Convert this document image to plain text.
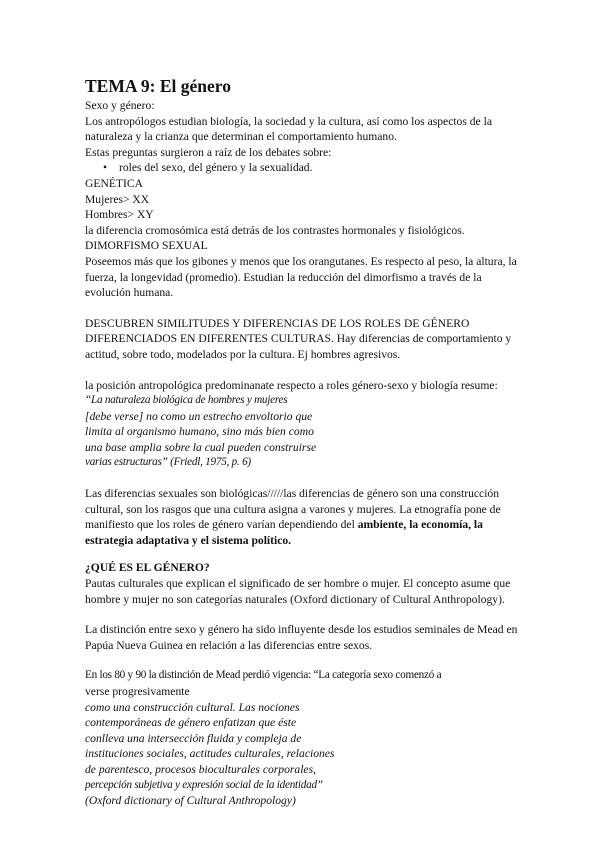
TEMA 9: El género

Sexo y género:

Los antropólogos estudian biología, la sociedad y la cultura, así como los aspectos de la naturaleza y la crianza que determinan el comportamiento humano.

Estas preguntas surgieron a raíz de los debates sobre:

• roles del sexo, del género y la sexualidad.

GENÉTICA

Mujeres> XX

Hombres> XY

la diferencia cromosómica está detrás de los contrastes hormonales y fisiológicos.

DIMORFISMO SEXUAL

Poseemos más que los gibones y menos que los orangutanes. Es respecto al peso, la altura, la fuerza, la longevidad (promedio). Estudian la reducción del dimorfismo a través de la evolución humana.

DESCUBREN SIMILITUDES Y DIFERENCIAS DE LOS ROLES DE GÉNERO DIFERENCIADOS EN DIFERENTES CULTURAS. Hay diferencias de comportamiento y actitud, sobre todo, modelados por la cultura. Ej hombres agresivos.

la posición antropológica predominanate respecto a roles género-sexo y biología resume:

“La naturaleza biológica de hombres y mujeres

[debe verse] no como un estrecho envoltorio que

limita al organismo humano, sino más bien como

una base amplia sobre la cual pueden construirse

varias estructuras” (Friedl, 1975, p. 6)

Las diferencias sexuales son biológicas/////las diferencias de género son una construcción cultural, son los rasgos que una cultura asigna a varones y mujeres. La etnografía pone de manifiesto que los roles de género varían dependiendo del ambiente, la economía, la estrategia adaptativa y el sistema político.

¿QUÉ ES EL GÉNERO?

Pautas culturales que explican el significado de ser hombre o mujer. El concepto asume que hombre y mujer no son categorías naturales (Oxford dictionary of Cultural Anthropology).

La distinción entre sexo y género ha sido influyente desde los estudios seminales de Mead en Papúa Nueva Guinea en relación a las diferencias entre sexos.

En los 80 y 90 la distinción de Mead perdió vigencia: “La categoría sexo comenzó a

verse progresivamente

como una construcción cultural. Las nociones

contemporáneas de género enfatizan que éste

conlleva una intersección fluida y compleja de

instituciones sociales, actitudes culturales, relaciones

de parentesco, procesos bioculturales corporales,

percepción subjetiva y expresión social de la identidad”

(Oxford dictionary of Cultural Anthropology)
